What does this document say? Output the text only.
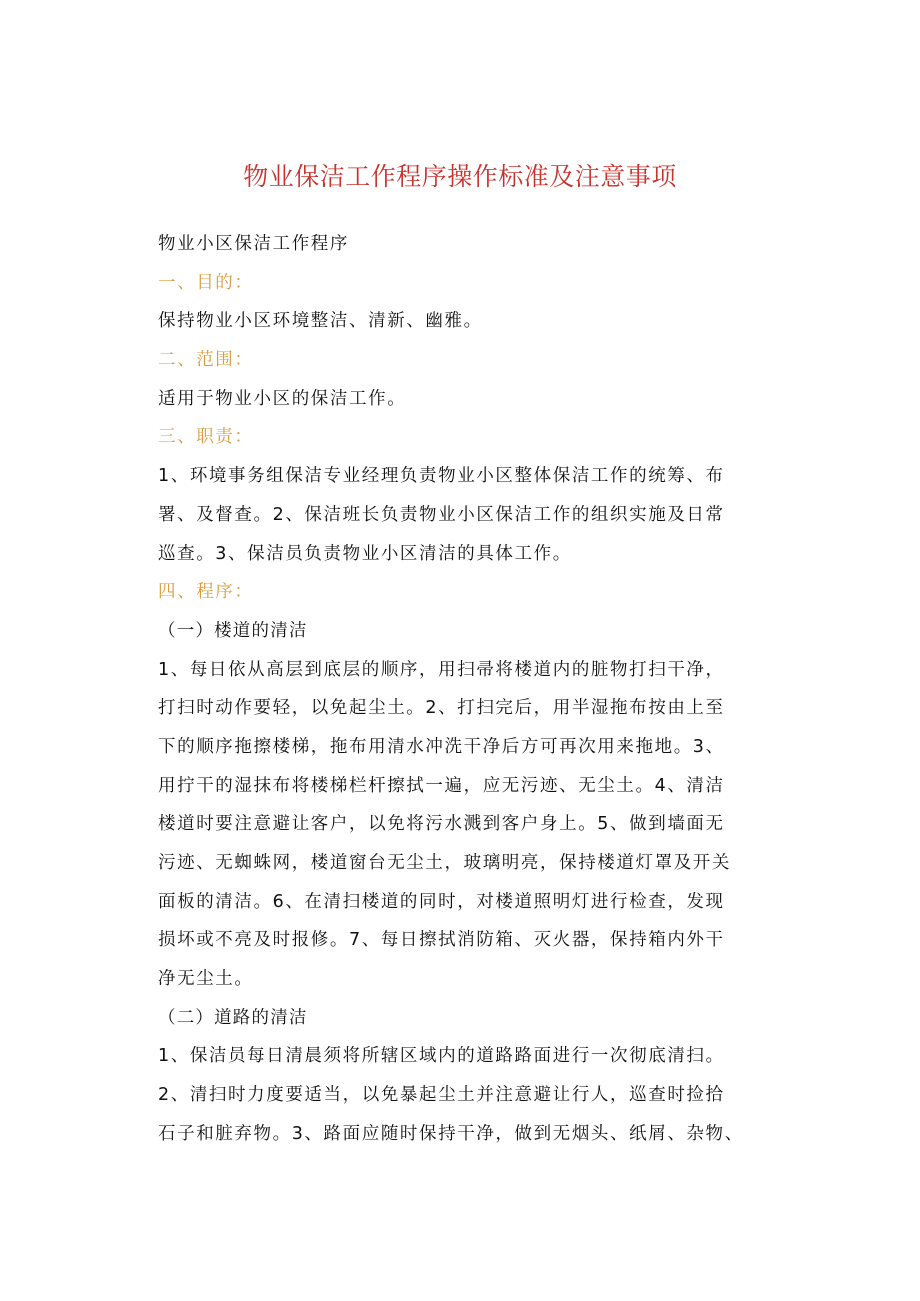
物业保洁工作程序操作标准及注意事项
物业小区保洁工作程序
一、目的：
保持物业小区环境整洁、清新、幽雅。
二、范围：
适用于物业小区的保洁工作。
三、职责：
1、环境事务组保洁专业经理负责物业小区整体保洁工作的统筹、布
署、及督查。2、保洁班长负责物业小区保洁工作的组织实施及日常
巡查。3、保洁员负责物业小区清洁的具体工作。
四、程序：
（一）楼道的清洁
1、每日依从高层到底层的顺序，用扫帚将楼道内的脏物打扫干净，
打扫时动作要轻，以免起尘土。2、打扫完后，用半湿拖布按由上至
下的顺序拖擦楼梯，拖布用清水冲洗干净后方可再次用来拖地。3、
用拧干的湿抹布将楼梯栏杆擦拭一遍，应无污迹、无尘土。4、清洁
楼道时要注意避让客户，以免将污水溅到客户身上。5、做到墙面无
污迹、无蜘蛛网，楼道窗台无尘土，玻璃明亮，保持楼道灯罩及开关
面板的清洁。6、在清扫楼道的同时，对楼道照明灯进行检查，发现
损坏或不亮及时报修。7、每日擦拭消防箱、灭火器，保持箱内外干
净无尘土。
（二）道路的清洁
1、保洁员每日清晨须将所辖区域内的道路路面进行一次彻底清扫。
2、清扫时力度要适当，以免暴起尘土并注意避让行人，巡查时捡拾
石子和脏弃物。3、路面应随时保持干净，做到无烟头、纸屑、杂物、
